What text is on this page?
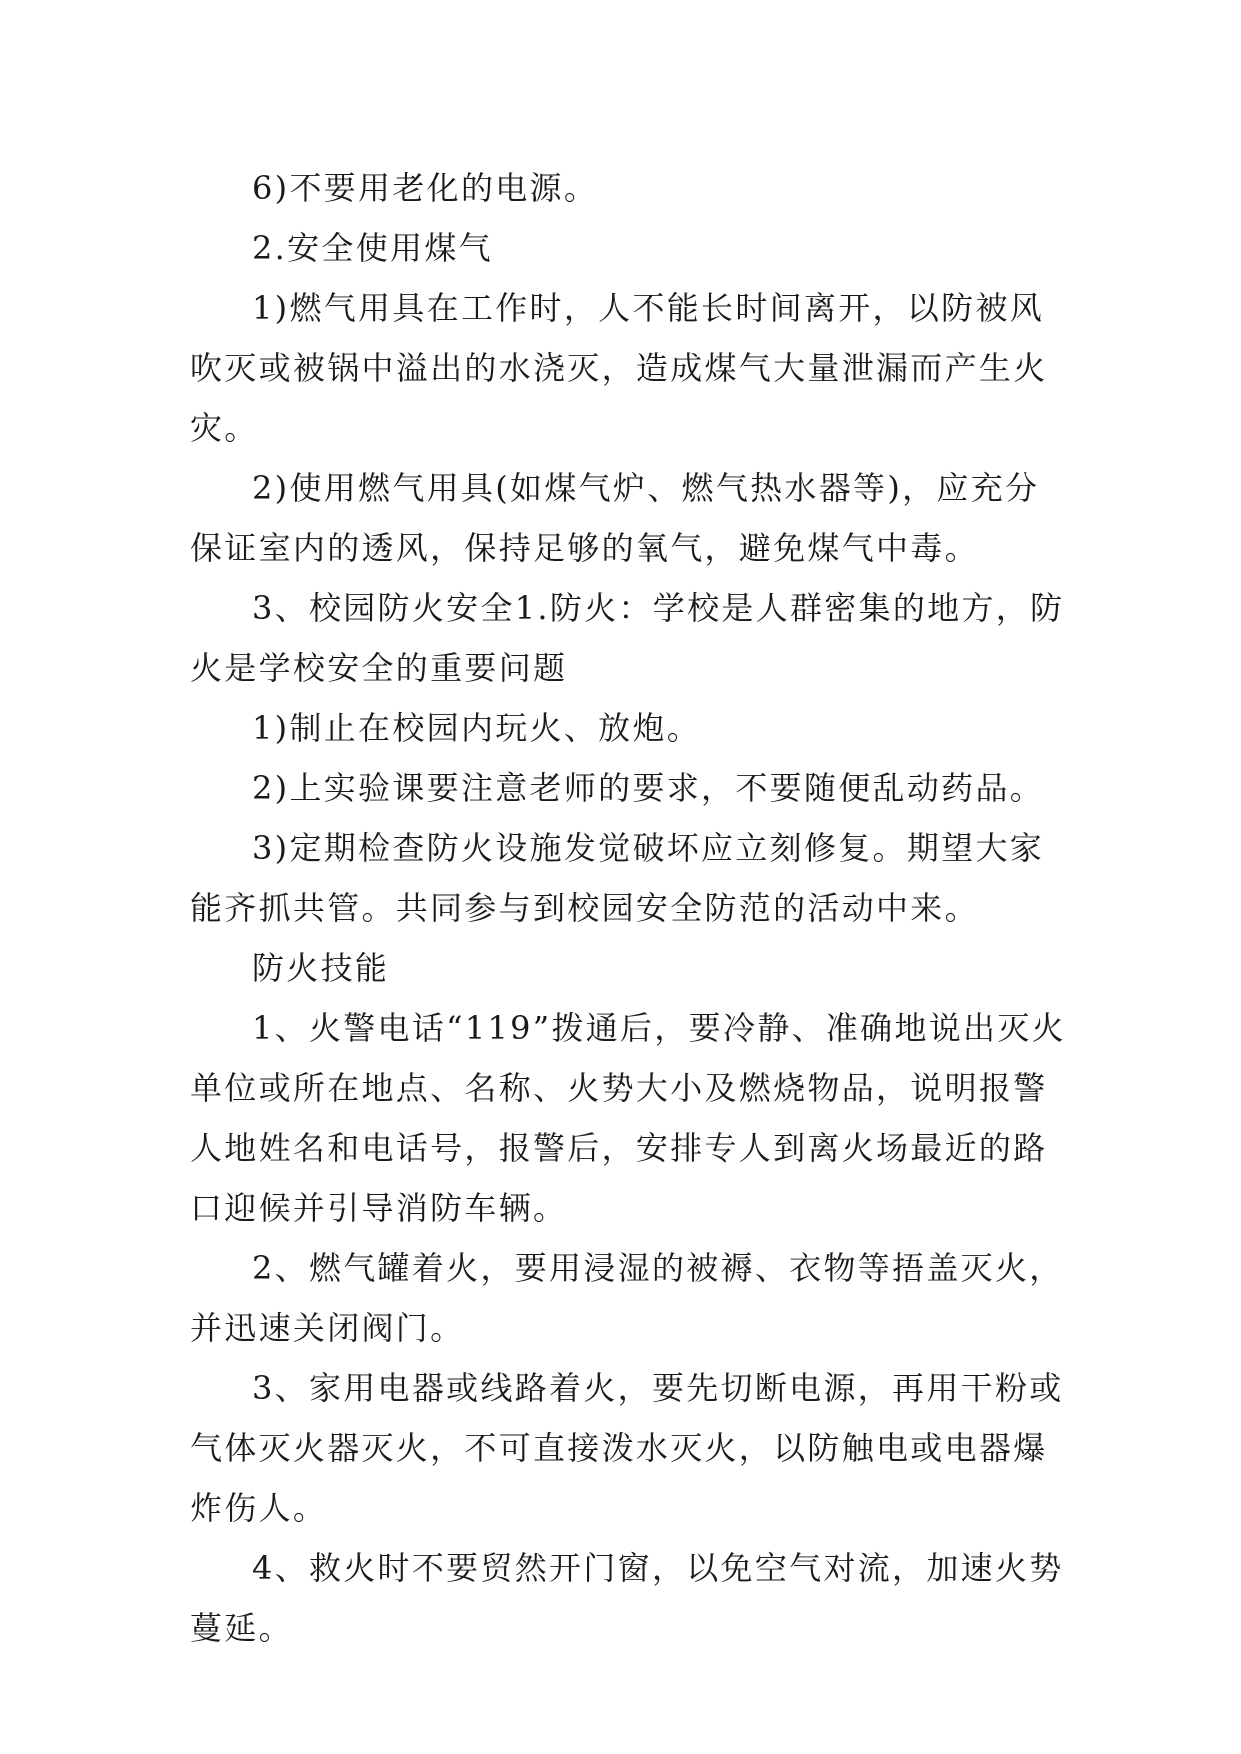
6)不要用老化的电源。

2.安全使用煤气

1)燃气用具在工作时，人不能长时间离开，以防被风吹灭或被锅中溢出的水浇灭，造成煤气大量泄漏而产生火灾。

2)使用燃气用具(如煤气炉、燃气热水器等)，应充分保证室内的透风，保持足够的氧气，避免煤气中毒。

3、校园防火安全1.防火：学校是人群密集的地方，防火是学校安全的重要问题

1)制止在校园内玩火、放炮。

2)上实验课要注意老师的要求，不要随便乱动药品。

3)定期检查防火设施发觉破坏应立刻修复。期望大家能齐抓共管。共同参与到校园安全防范的活动中来。

防火技能

1、火警电话“119”拨通后，要冷静、准确地说出灭火单位或所在地点、名称、火势大小及燃烧物品，说明报警人地姓名和电话号，报警后，安排专人到离火场最近的路口迎候并引导消防车辆。

2、燃气罐着火，要用浸湿的被褥、衣物等捂盖灭火，并迅速关闭阀门。

3、家用电器或线路着火，要先切断电源，再用干粉或气体灭火器灭火，不可直接泼水灭火，以防触电或电器爆炸伤人。

4、救火时不要贸然开门窗，以免空气对流，加速火势蔓延。
